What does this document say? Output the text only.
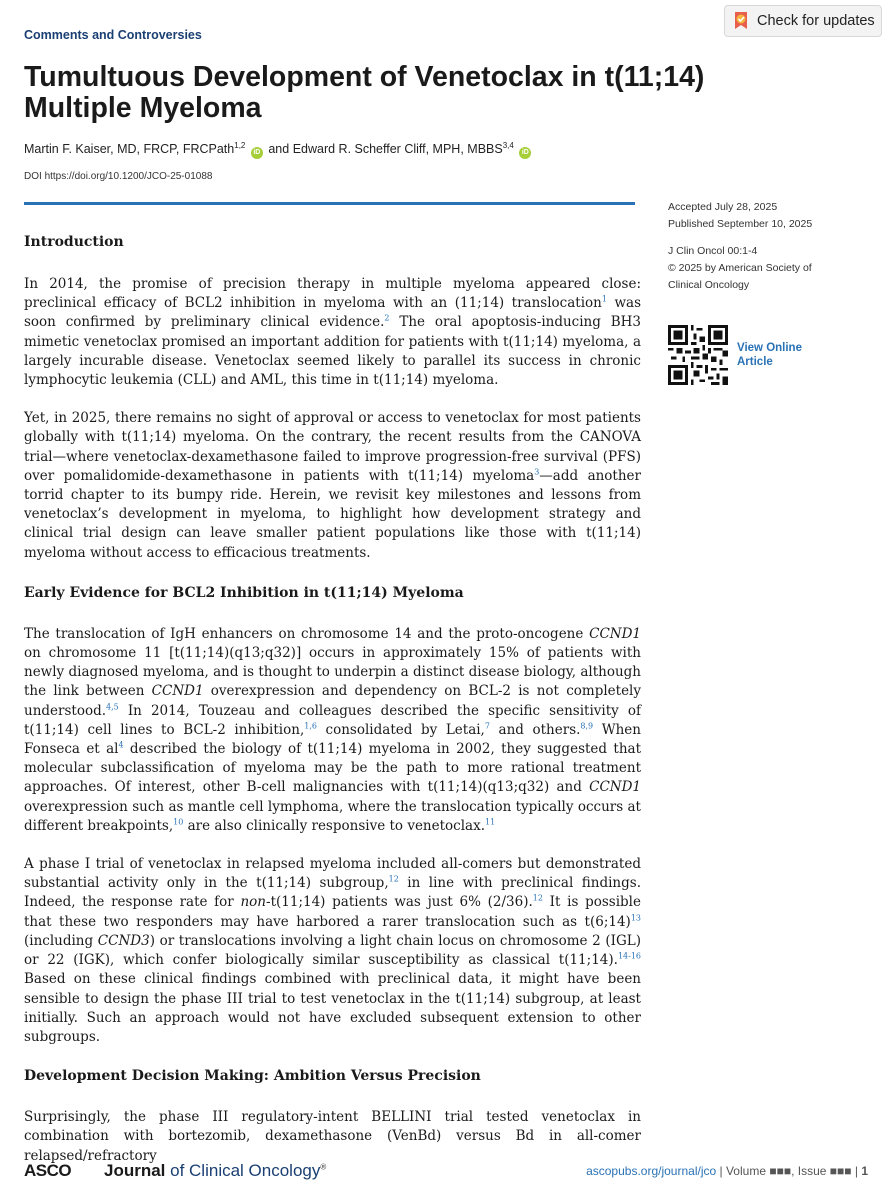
Comments and Controversies
Check for updates
Tumultuous Development of Venetoclax in t(11;14) Multiple Myeloma
Martin F. Kaiser, MD, FRCP, FRCPath$^{1,2}$ iD and Edward R. Scheffer Cliff, MPH, MBBS$^{3,4}$ iD
DOI https://doi.org/10.1200/JCO-25-01088

Accepted July 28, 2025

Published September 10, 2025

J Clin Oncol 00:1-4

© 2025 by American Society of Clinical Oncology

View Online Article
Introduction

In 2014, the promise of precision therapy in multiple myeloma appeared close: preclinical efficacy of BCL2 inhibition in myeloma with an (11;14) translocation$^1$ was soon confirmed by preliminary clinical evidence.$^2$ The oral apoptosis-inducing BH3 mimetic venetoclax promised an important addition for patients with t(11;14) myeloma, a largely incurable disease. Venetoclax seemed likely to parallel its success in chronic lymphocytic leukemia (CLL) and AML, this time in t(11;14) myeloma.

Yet, in 2025, there remains no sight of approval or access to venetoclax for most patients globally with t(11;14) myeloma. On the contrary, the recent results from the CANOVA trial—where venetoclax-dexamethasone failed to improve progression-free survival (PFS) over pomalidomide-dexamethasone in patients with t(11;14) myeloma$^3$—add another torrid chapter to its bumpy ride. Herein, we revisit key milestones and lessons from venetoclax’s development in myeloma, to highlight how development strategy and clinical trial design can leave smaller patient populations like those with t(11;14) myeloma without access to efficacious treatments.

Early Evidence for BCL2 Inhibition in t(11;14) Myeloma

The translocation of IgH enhancers on chromosome 14 and the proto-oncogene CCND1 on chromosome 11 [t(11;14)(q13;q32)] occurs in approximately 15% of patients with newly diagnosed myeloma, and is thought to underpin a distinct disease biology, although the link between CCND1 overexpression and dependency on BCL-2 is not completely understood.$^{4,5}$ In 2014, Touzeau and colleagues described the specific sensitivity of t(11;14) cell lines to BCL-2 inhibition,$^{1,6}$ consolidated by Letai,$^7$ and others.$^{8,9}$ When Fonseca et $al^4$ described the biology of t(11;14) myeloma in 2002, they suggested that molecular subclassification of myeloma may be the path to more rational treatment approaches. Of interest, other B-cell malignancies with t(11;14)(q13;q32) and CCND1 overexpression such as mantle cell lymphoma, where the translocation typically occurs at different breakpoints,$^{10}$ are also clinically responsive to venetoclax.$^{11}$

A phase I trial of venetoclax in relapsed myeloma included all-comers but demonstrated substantial activity only in the t(11;14) subgroup,$^{12}$ in line with preclinical findings. Indeed, the response rate for non-t(11;14) patients was just 6% (2/36).$^{12}$ It is possible that these two responders may have harbored a rarer translocation such as t(6;14)$^{13}$ (including CCND3) or translocations involving a light chain locus on chromosome 2 (IGL) or 22 (IGK), which confer biologically similar susceptibility as classical t(11;14).$^{14-16}$ Based on these clinical findings combined with preclinical data, it might have been sensible to design the phase III trial to test venetoclax in the t(11;14) subgroup, at least initially. Such an approach would not have excluded subsequent extension to other subgroups.

Development Decision Making: Ambition Versus Precision

Surprisingly, the phase III regulatory-intent BELLINI trial tested venetoclax in combination with bortezomib, dexamethasone (VenBd) versus Bd in all-comer relapsed/refractory

ASCO Journal of Clinical Oncology®	ascopubs.org/journal/jco | Volume ■■■, Issue ■■■ | 1
